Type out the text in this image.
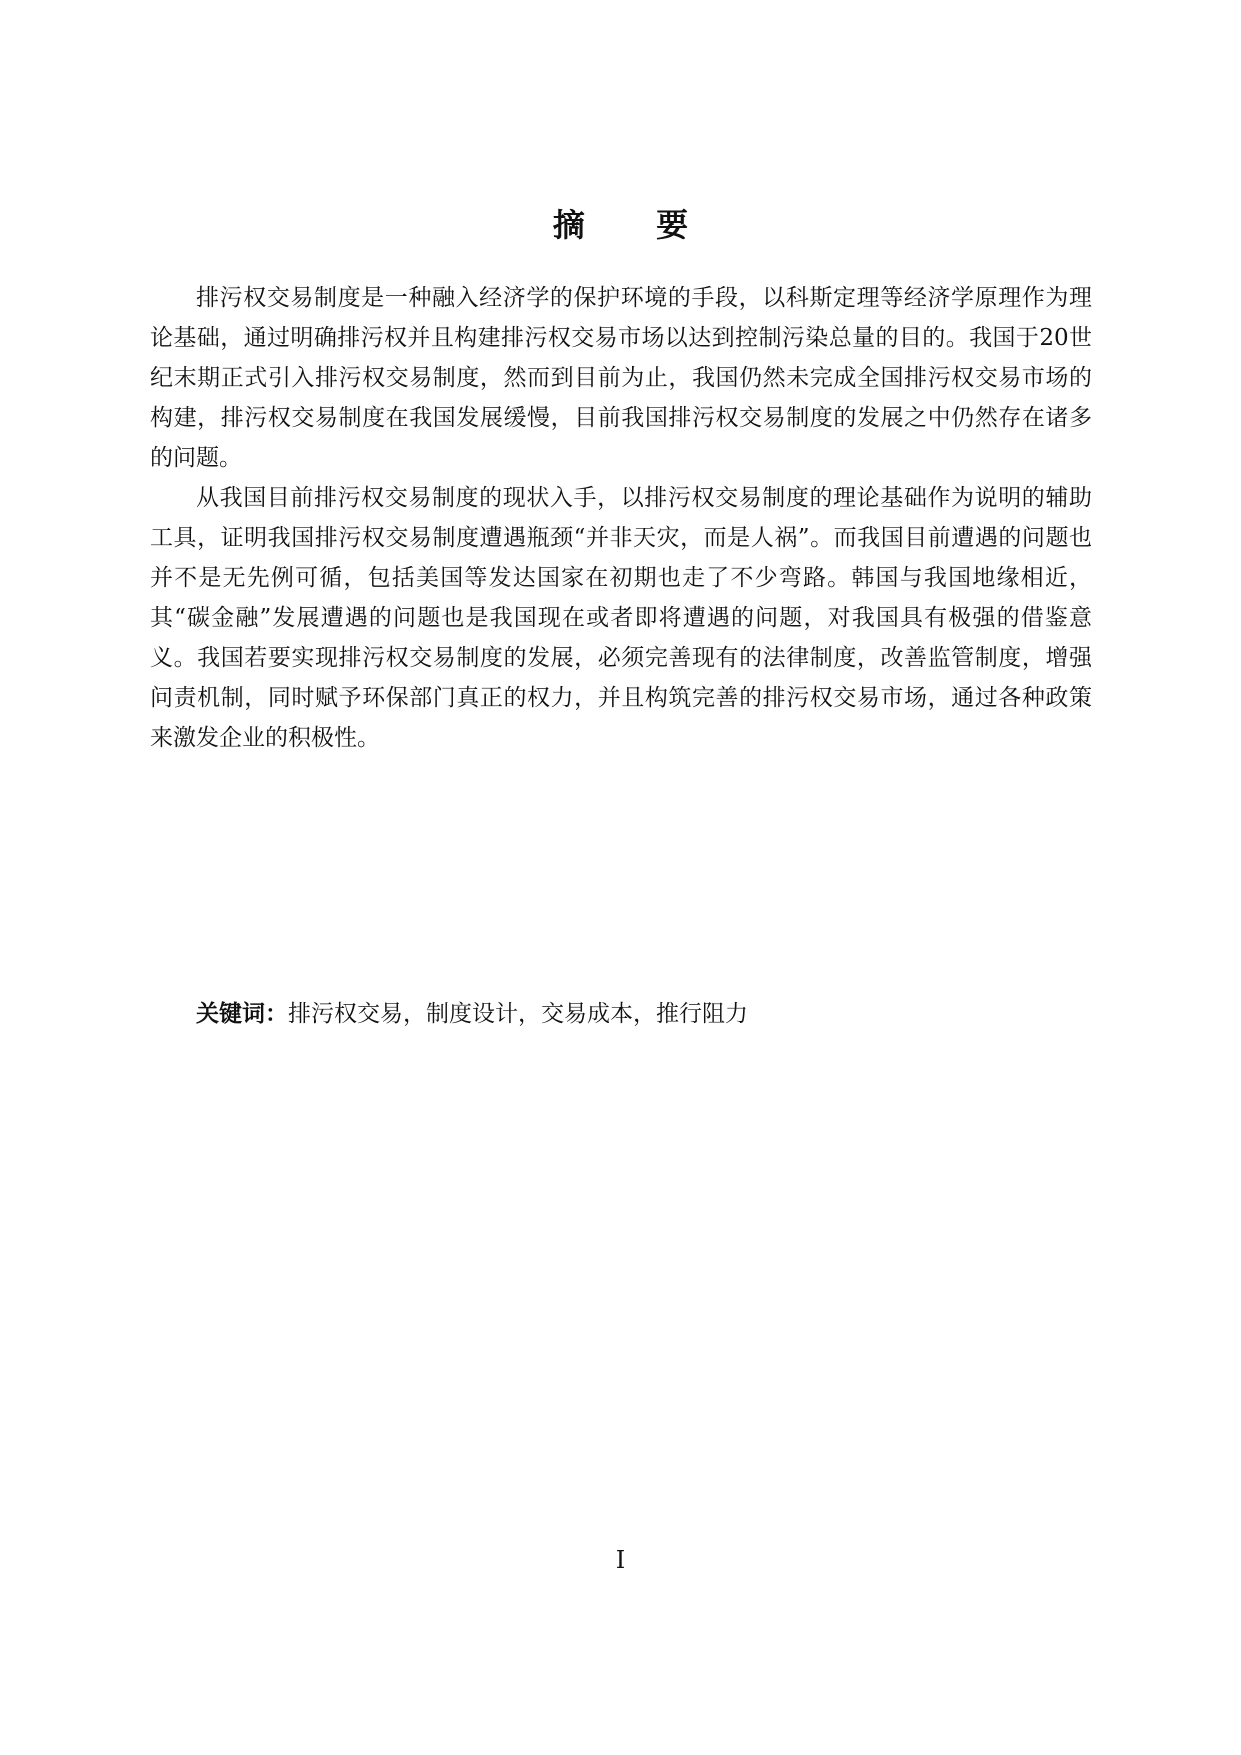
摘 要

排污权交易制度是一种融入经济学的保护环境的手段，以科斯定理等经济学原理作为理论基础，通过明确排污权并且构建排污权交易市场以达到控制污染总量的目的。我国于20世纪末期正式引入排污权交易制度，然而到目前为止，我国仍然未完成全国排污权交易市场的构建，排污权交易制度在我国发展缓慢，目前我国排污权交易制度的发展之中仍然存在诸多的问题。

从我国目前排污权交易制度的现状入手，以排污权交易制度的理论基础作为说明的辅助工具，证明我国排污权交易制度遭遇瓶颈“并非天灾，而是人祸”。而我国目前遭遇的问题也并不是无先例可循，包括美国等发达国家在初期也走了不少弯路。韩国与我国地缘相近，其“碳金融”发展遭遇的问题也是我国现在或者即将遭遇的问题，对我国具有极强的借鉴意义。我国若要实现排污权交易制度的发展，必须完善现有的法律制度，改善监管制度，增强问责机制，同时赋予环保部门真正的权力，并且构筑完善的排污权交易市场，通过各种政策来激发企业的积极性。

关键词：排污权交易，制度设计，交易成本，推行阻力
I
